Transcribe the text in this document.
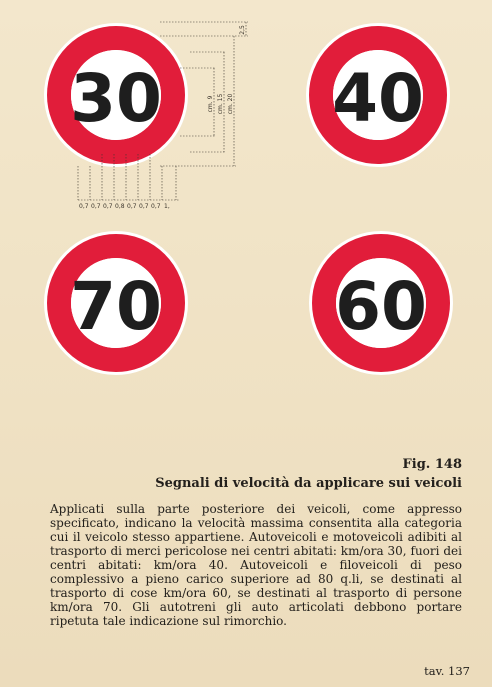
30	40
70	60
cm. 9 cm. 15 cm. 20
2,5
0,7 0,7 0,7 0,8 0,7 0,7 0,7 1,
Fig. 148
Segnali di velocità da applicare sui veicoli

Applicati sulla parte posteriore dei veicoli, come appresso specificato, indicano la velocità massima consentita alla categoria cui il veicolo stesso appartiene. Autoveicoli e motoveicoli adibiti al trasporto di merci pericolose nei centri abitati: km/ora 30, fuori dei centri abitati: km/ora 40. Autoveicoli e filoveicoli di peso complessivo a pieno carico superiore ad 80 q.li, se destinati al trasporto di cose km/ora 60, se destinati al trasporto di persone km/ora 70. Gli autotreni gli auto articolati debbono portare ripetuta tale indicazione sul rimorchio.

tav. 137
